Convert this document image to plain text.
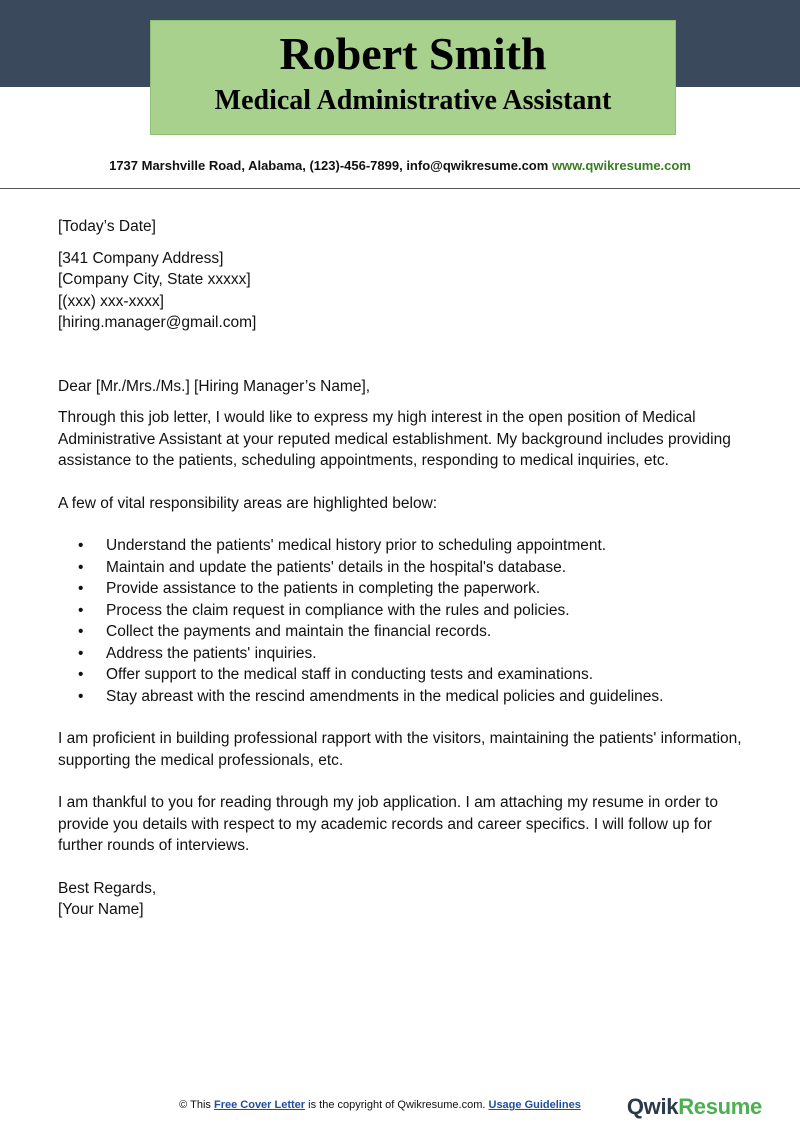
Robert Smith
Medical Administrative Assistant
1737 Marshville Road, Alabama, (123)-456-7899, info@qwikresume.com www.qwikresume.com

[Today’s Date]

[341 Company Address]

[Company City, State xxxxx]

[(xxx) xxx-xxxx]

[hiring.manager@gmail.com]

Dear [Mr./Mrs./Ms.] [Hiring Manager’s Name],

Through this job letter, I would like to express my high interest in the open position of Medical Administrative Assistant at your reputed medical establishment. My background includes providing assistance to the patients, scheduling appointments, responding to medical inquiries, etc.

A few of vital responsibility areas are highlighted below:

• Understand the patients' medical history prior to scheduling appointment.
• Maintain and update the patients' details in the hospital's database.
• Provide assistance to the patients in completing the paperwork.
• Process the claim request in compliance with the rules and policies.
• Collect the payments and maintain the financial records.
• Address the patients' inquiries.
• Offer support to the medical staff in conducting tests and examinations.
• Stay abreast with the rescind amendments in the medical policies and guidelines.

I am proficient in building professional rapport with the visitors, maintaining the patients' information, supporting the medical professionals, etc.

I am thankful to you for reading through my job application. I am attaching my resume in order to provide you details with respect to my academic records and career specifics. I will follow up for further rounds of interviews.

Best Regards,

[Your Name]

© This Free Cover Letter is the copyright of Qwikresume.com. Usage Guidelines	QwikResume
